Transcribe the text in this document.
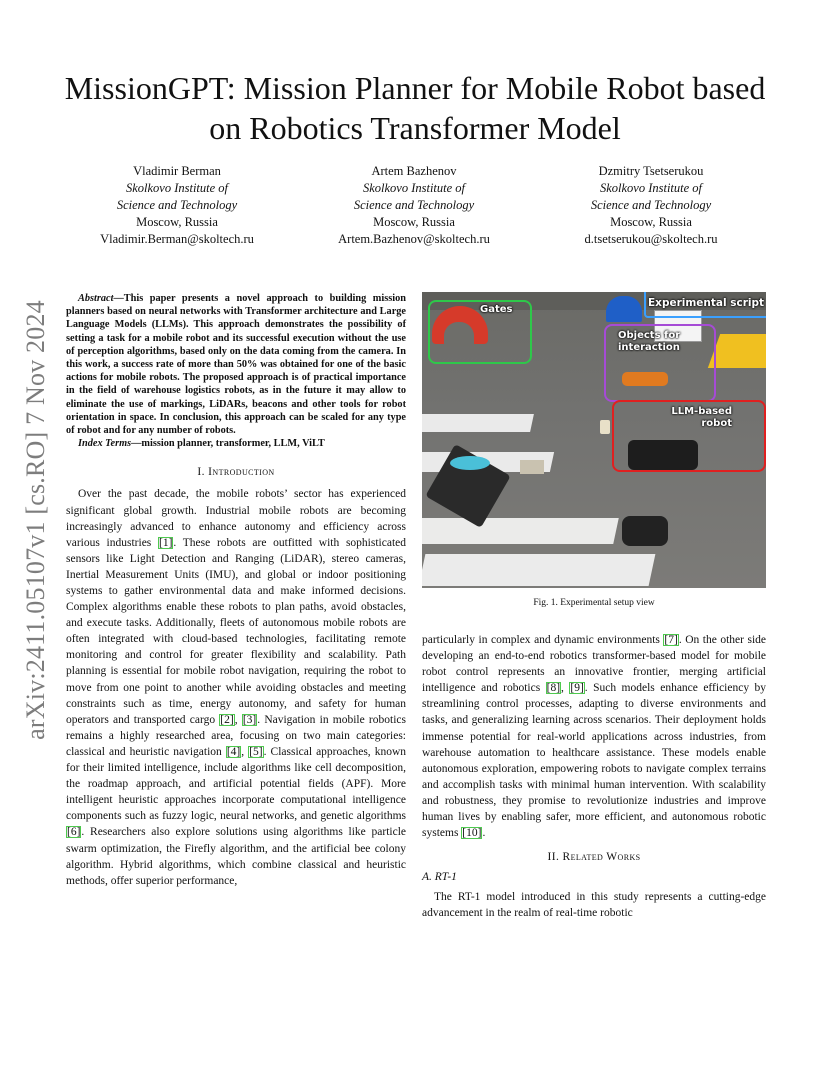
arXiv:2411.05107v1 [cs.RO] 7 Nov 2024
MissionGPT: Mission Planner for Mobile Robot based on Robotics Transformer Model
Vladimir Berman
Skolkovo Institute of
Science and Technology
Moscow, Russia
Vladimir.Berman@skoltech.ru
Artem Bazhenov
Skolkovo Institute of
Science and Technology
Moscow, Russia
Artem.Bazhenov@skoltech.ru
Dzmitry Tsetserukou
Skolkovo Institute of
Science and Technology
Moscow, Russia
d.tsetserukou@skoltech.ru

Abstract—This paper presents a novel approach to building mission planners based on neural networks with Transformer architecture and Large Language Models (LLMs). This approach demonstrates the possibility of setting a task for a mobile robot and its successful execution without the use of perception algorithms, based only on the data coming from the camera. In this work, a success rate of more than 50% was obtained for one of the basic actions for mobile robots. The proposed approach is of practical importance in the field of warehouse logistics robots, as in the future it may allow to eliminate the use of markings, LiDARs, beacons and other tools for robot orientation in space. In conclusion, this approach can be scaled for any type of robot and for any number of robots.

Index Terms—mission planner, transformer, LLM, ViLT

I. Introduction

Over the past decade, the mobile robots’ sector has experienced significant global growth. Industrial mobile robots are becoming increasingly advanced to enhance autonomy and efficiency across various industries [1]. These robots are outfitted with sophisticated sensors like Light Detection and Ranging (LiDAR), stereo cameras, Inertial Measurement Units (IMU), and global or indoor positioning systems to gather environmental data and make informed decisions. Complex algorithms enable these robots to plan paths, avoid obstacles, and execute tasks. Additionally, fleets of autonomous mobile robots are often integrated with cloud-based technologies, facilitating remote monitoring and control for greater flexibility and scalability. Path planning is essential for mobile robot navigation, requiring the robot to move from one point to another while avoiding obstacles and meeting constraints such as time, energy autonomy, and safety for human operators and transported cargo [2], [3]. Navigation in mobile robotics remains a highly researched area, focusing on two main categories: classical and heuristic navigation [4], [5]. Classical approaches, known for their limited intelligence, include algorithms like cell decomposition, the roadmap approach, and artificial potential fields (APF). More intelligent heuristic approaches incorporate computational intelligence components such as fuzzy logic, neural networks, and genetic algorithms [6]. Researchers also explore solutions using algorithms like particle swarm optimization, the Firefly algorithm, and the artificial bee colony algorithm. Hybrid algorithms, which combine classical and heuristic methods, offer superior performance,

Gates
Experimental script
Objects for interaction
LLM-based robot
Fig. 1. Experimental setup view

particularly in complex and dynamic environments [7]. On the other side developing an end-to-end robotics transformer-based model for mobile robot control represents an innovative frontier, merging artificial intelligence and robotics [8], [9]. Such models enhance efficiency by streamlining control processes, adapting to diverse environments and tasks, and generalizing learning across scenarios. Their deployment holds immense potential for real-world applications across industries, from warehouse automation to healthcare assistance. These models enable autonomous exploration, empowering robots to navigate complex terrains and accomplish tasks with minimal human intervention. With scalability and robustness, they promise to revolutionize industries and improve human lives by enabling safer, more efficient, and autonomous robotic systems [10].

II. Related Works
A. RT-1

The RT-1 model introduced in this study represents a cutting-edge advancement in the realm of real-time robotic
